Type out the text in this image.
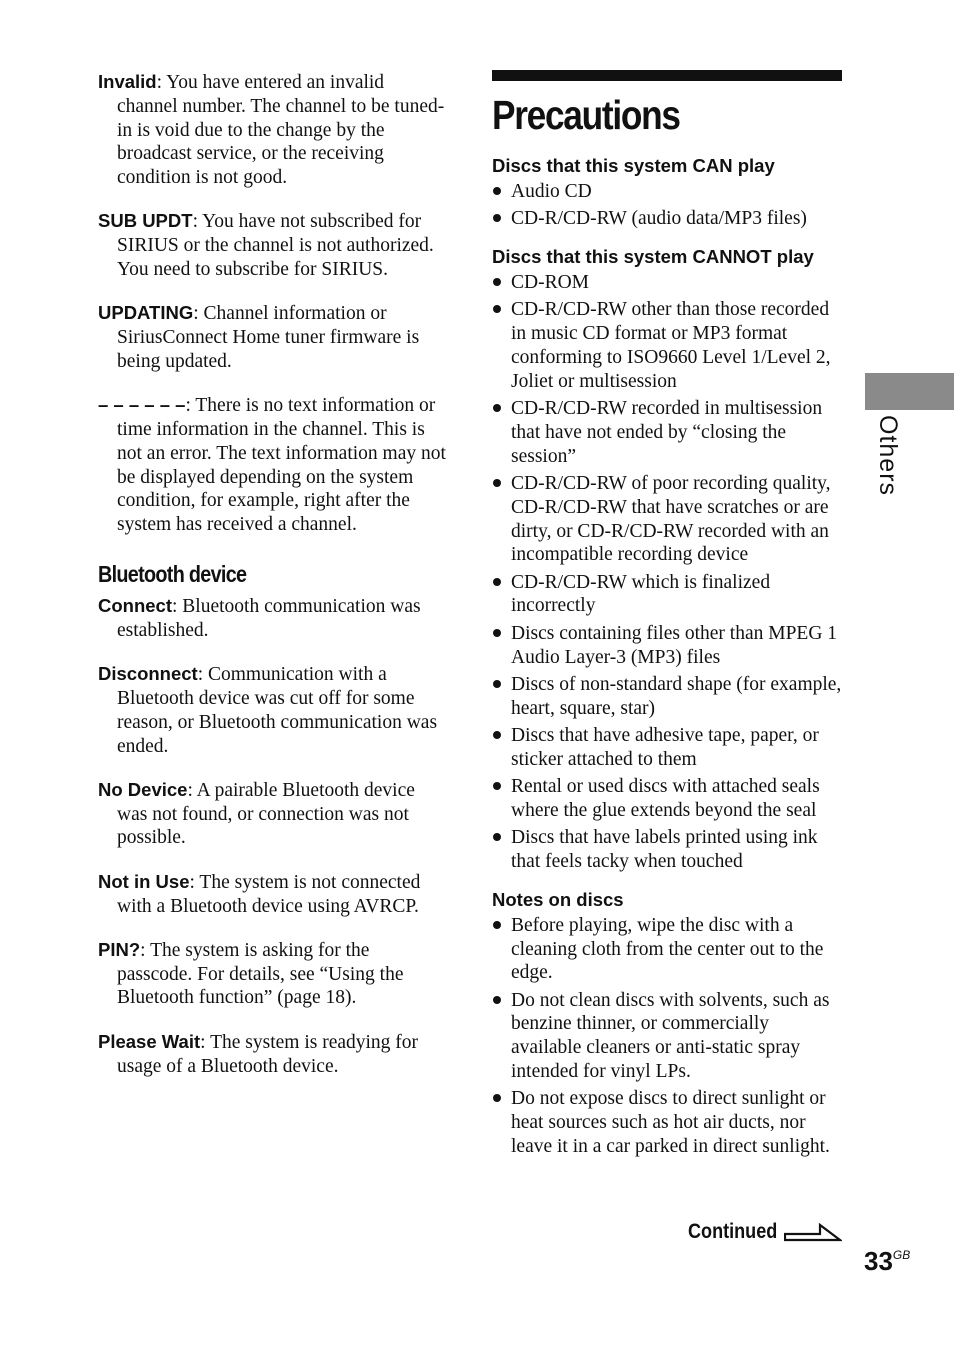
Invalid: You have entered an invalid channel number. The channel to be tuned-in is void due to the change by the broadcast service, or the receiving condition is not good.

SUB UPDT: You have not subscribed for SIRIUS or the channel is not authorized. You need to subscribe for SIRIUS.

UPDATING: Channel information or SiriusConnect Home tuner firmware is being updated.

– – – – – –: There is no text information or time information in the channel. This is not an error. The text information may not be displayed depending on the system condition, for example, right after the system has received a channel.

Bluetooth device

Connect: Bluetooth communication was established.

Disconnect: Communication with a Bluetooth device was cut off for some reason, or Bluetooth communication was ended.

No Device: A pairable Bluetooth device was not found, or connection was not possible.

Not in Use: The system is not connected with a Bluetooth device using AVRCP.

PIN?: The system is asking for the passcode. For details, see “Using the Bluetooth function” (page 18).

Please Wait: The system is readying for usage of a Bluetooth device.

Precautions
Discs that this system CAN play
Audio CD
CD-R/CD-RW (audio data/MP3 files)
Discs that this system CANNOT play
CD-ROM
CD-R/CD-RW other than those recorded in music CD format or MP3 format conforming to ISO9660 Level 1/Level 2, Joliet or multisession
CD-R/CD-RW recorded in multisession that have not ended by “closing the session”
CD-R/CD-RW of poor recording quality, CD-R/CD-RW that have scratches or are dirty, or CD-R/CD-RW recorded with an incompatible recording device
CD-R/CD-RW which is finalized incorrectly
Discs containing files other than MPEG 1 Audio Layer-3 (MP3) files
Discs of non-standard shape (for example, heart, square, star)
Discs that have adhesive tape, paper, or sticker attached to them
Rental or used discs with attached seals where the glue extends beyond the seal
Discs that have labels printed using ink that feels tacky when touched
Notes on discs
Before playing, wipe the disc with a cleaning cloth from the center out to the edge.
Do not clean discs with solvents, such as benzine thinner, or commercially available cleaners or anti-static spray intended for vinyl LPs.
Do not expose discs to direct sunlight or heat sources such as hot air ducts, nor leave it in a car parked in direct sunlight.
Others
Continued
$33^{GB}$
